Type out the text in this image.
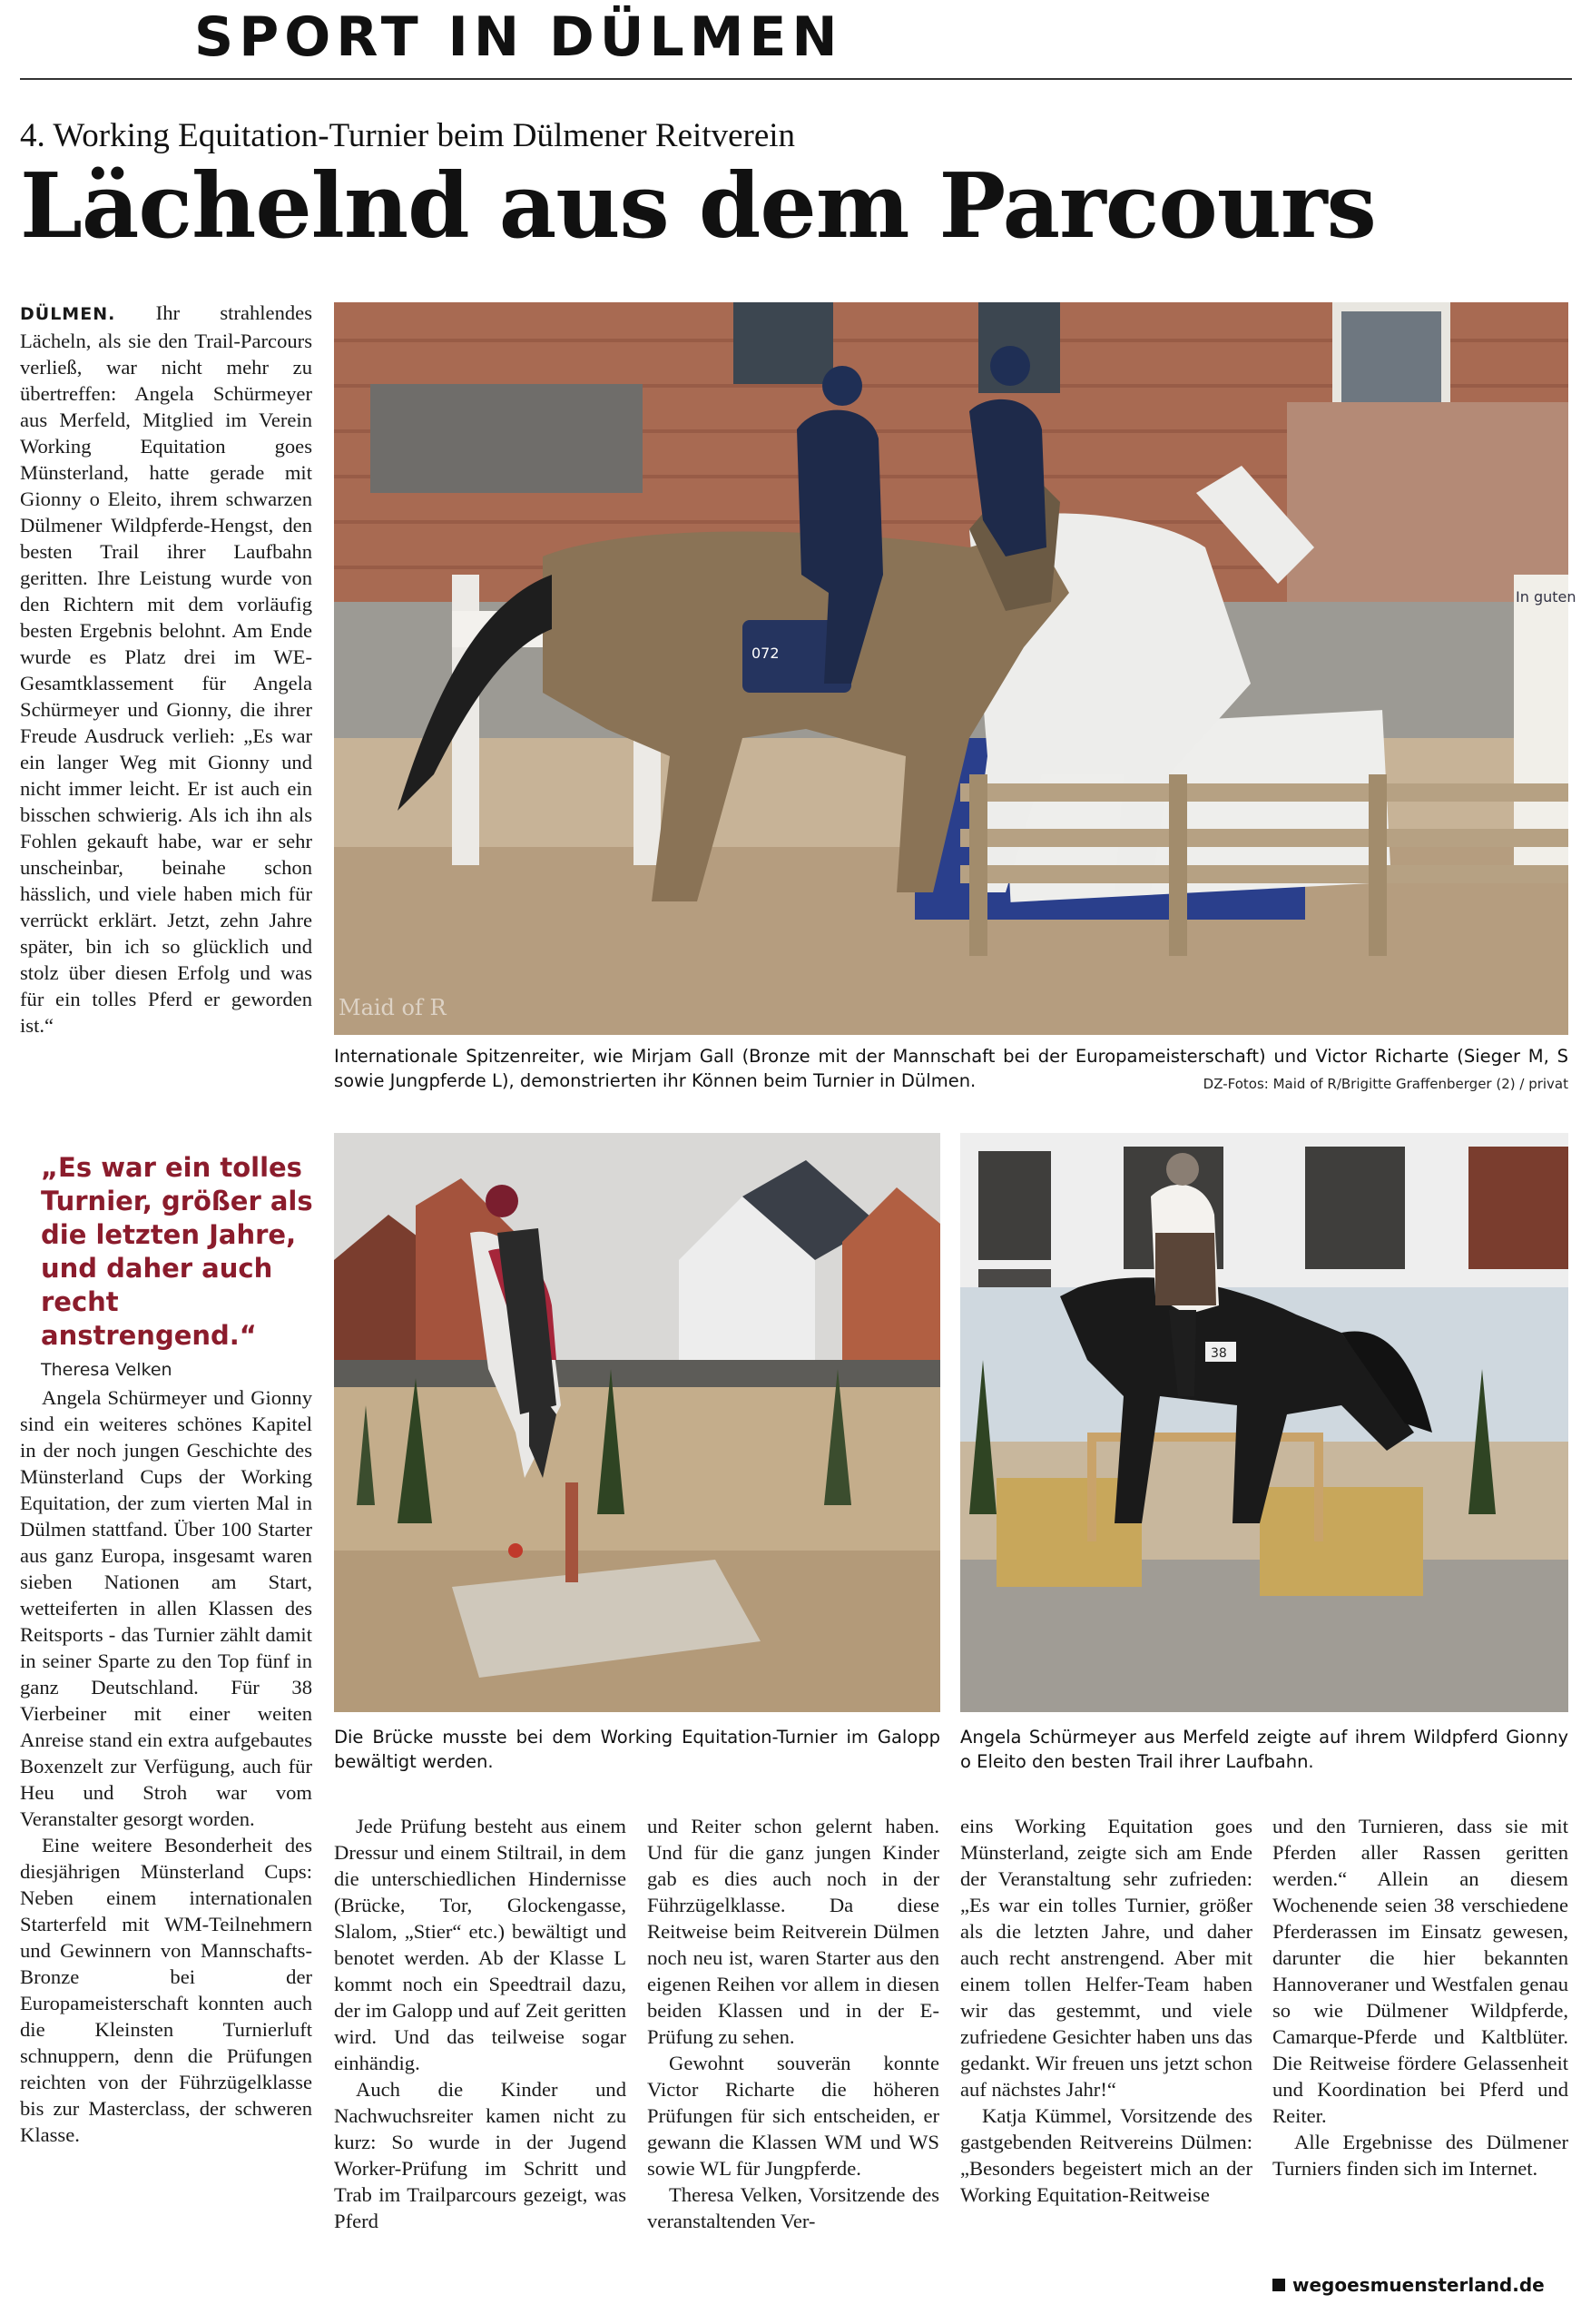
SPORT IN DÜLMEN
4. Working Equitation-Turnier beim Dülmener Reitverein
Lächelnd aus dem Parcours

DÜLMEN. Ihr strahlendes Lächeln, als sie den Trail-Parcours verließ, war nicht mehr zu übertreffen: Angela Schürmeyer aus Merfeld, Mitglied im Verein Working Equitation goes Münsterland, hatte gerade mit Gionny o Eleito, ihrem schwarzen Dülmener Wildpferde-Hengst, den besten Trail ihrer Laufbahn geritten. Ihre Leistung wurde von den Richtern mit dem vorläufig besten Ergebnis belohnt. Am Ende wurde es Platz drei im WE-Gesamtklassement für Angela Schürmeyer und Gionny, die ihrer Freude Ausdruck verlieh: „Es war ein langer Weg mit Gionny und nicht immer leicht. Er ist auch ein bisschen schwierig. Als ich ihn als Fohlen gekauft habe, war er sehr unscheinbar, beinahe schon hässlich, und viele haben mich für verrückt erklärt. Jetzt, zehn Jahre später, bin ich so glücklich und stolz über diesen Erfolg und was für ein tolles Pferd er geworden ist.“

„Es war ein tolles Turnier, größer als die letzten Jahre, und daher auch recht anstrengend.“
Theresa Velken

Angela Schürmeyer und Gionny sind ein weiteres schönes Kapitel in der noch jungen Geschichte des Münsterland Cups der Working Equitation, der zum vierten Mal in Dülmen stattfand. Über 100 Starter aus ganz Europa, insgesamt waren sieben Nationen am Start, wetteiferten in allen Klassen des Reitsports - das Turnier zählt damit in seiner Sparte zu den Top fünf in ganz Deutschland. Für 38 Vierbeiner mit einer weiten Anreise stand ein extra aufgebautes Boxenzelt zur Verfügung, auch für Heu und Stroh war vom Veranstalter gesorgt worden.

Eine weitere Besonderheit des diesjährigen Münsterland Cups: Neben einem internationalen Starterfeld mit WM-Teilnehmern und Gewinnern von Mannschafts-Bronze bei der Europameisterschaft konnten auch die Kleinsten Turnierluft schnuppern, denn die Prüfungen reichten von der Führzügelklasse bis zur Masterclass, der schweren Klasse.

Jede Prüfung besteht aus einem Dressur und einem Stiltrail, in dem die unterschiedlichen Hindernisse (Brücke, Tor, Glockengasse, Slalom, „Stier“ etc.) bewältigt und benotet werden. Ab der Klasse L kommt noch ein Speedtrail dazu, der im Galopp und auf Zeit geritten wird. Und das teilweise sogar einhändig.

Auch die Kinder und Nachwuchsreiter kamen nicht zu kurz: So wurde in der Jugend Worker-Prüfung im Schritt und Trab im Trailparcours gezeigt, was Pferd

und Reiter schon gelernt haben. Und für die ganz jungen Kinder gab es dies auch noch in der Führzügelklasse. Da diese Reitweise beim Reitverein Dülmen noch neu ist, waren Starter aus den eigenen Reihen vor allem in diesen beiden Klassen und in der E-Prüfung zu sehen.

Gewohnt souverän konnte Victor Richarte die höheren Prüfungen für sich entscheiden, er gewann die Klassen WM und WS sowie WL für Jungpferde.

Theresa Velken, Vorsitzende des veranstaltenden Ver-

eins Working Equitation goes Münsterland, zeigte sich am Ende der Veranstaltung sehr zufrieden: „Es war ein tolles Turnier, größer als die letzten Jahre, und daher auch recht anstrengend. Aber mit einem tollen Helfer-Team haben wir das gestemmt, und viele zufriedene Gesichter haben uns das gedankt. Wir freuen uns jetzt schon auf nächstes Jahr!“

Katja Kümmel, Vorsitzende des gastgebenden Reitvereins Dülmen: „Besonders begeistert mich an der Working Equitation-Reitweise

und den Turnieren, dass sie mit Pferden aller Rassen geritten werden.“ Allein an diesem Wochenende seien 38 verschiedene Pferderassen im Einsatz gewesen, darunter die hier bekannten Hannoveraner und Westfalen genau so wie Dülmener Wildpferde, Camarque-Pferde und Kaltblüter. Die Reitweise fördere Gelassenheit und Koordination bei Pferd und Reiter.

Alle Ergebnisse des Dülmener Turniers finden sich im Internet.

wegoesmuensterland.de
In guten
072
Maid of R
Internationale Spitzenreiter, wie Mirjam Gall (Bronze mit der Mannschaft bei der Europameisterschaft) und Victor Richarte (Sieger M, S sowie Jungpferde L), demonstrierten ihr Können beim Turnier in Dülmen.	DZ-Fotos: Maid of R/Brigitte Graffenberger (2) / privat
Die Brücke musste bei dem Working Equitation-Turnier im Galopp bewältigt werden.
38
Angela Schürmeyer aus Merfeld zeigte auf ihrem Wildpferd Gionny o Eleito den besten Trail ihrer Laufbahn.
